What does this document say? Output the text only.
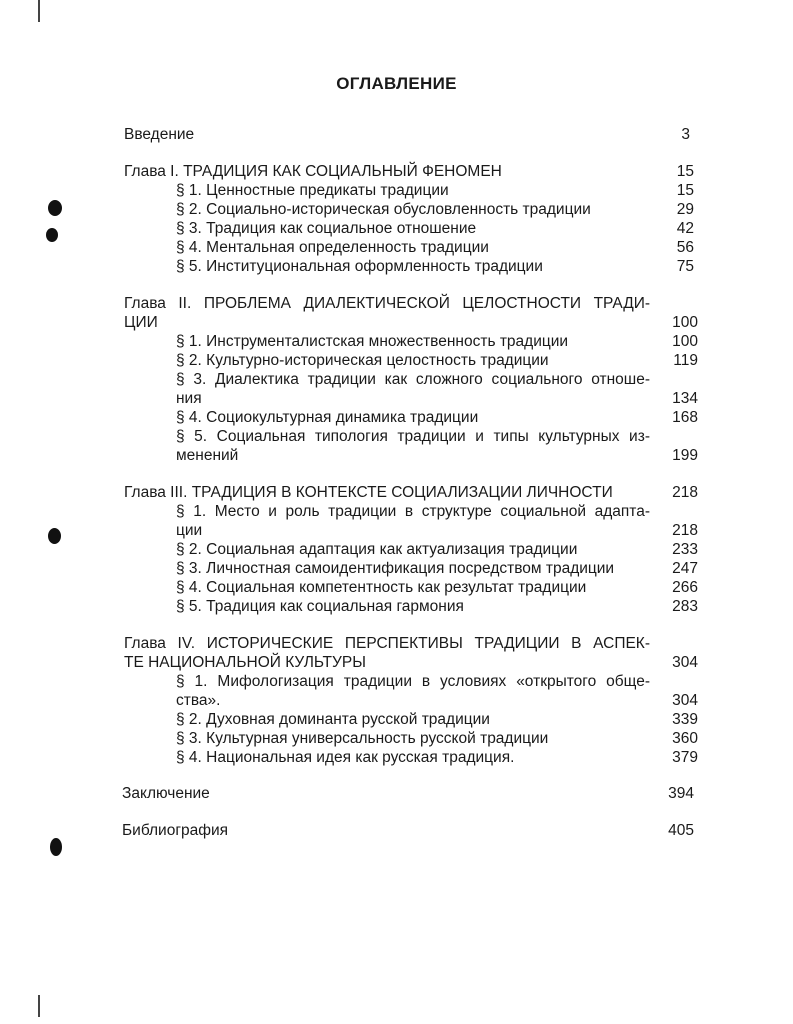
ОГЛАВЛЕНИЕ
Введение	3
Глава I. ТРАДИЦИЯ КАК СОЦИАЛЬНЫЙ ФЕНОМЕН	15
§ 1. Ценностные предикаты традиции	15
§ 2. Социально-историческая обусловленность традиции	29
§ 3. Традиция как социальное отношение	42
§ 4. Ментальная определенность традиции	56
§ 5. Институциональная оформленность традиции	75
Глава II. ПРОБЛЕМА ДИАЛЕКТИЧЕСКОЙ ЦЕЛОСТНОСТИ ТРАДИ-
ЦИИ	100
§ 1. Инструменталистская множественность традиции	100
§ 2. Культурно-историческая целостность традиции	119
§ 3. Диалектика традиции как сложного социального отноше-
ния	134
§ 4. Социокультурная динамика традиции	168
§ 5. Социальная типология традиции и типы культурных из-
менений	199
Глава III. ТРАДИЦИЯ В КОНТЕКСТЕ СОЦИАЛИЗАЦИИ ЛИЧНОСТИ	218
§ 1. Место и роль традиции в структуре социальной адапта-
ции	218
§ 2. Социальная адаптация как актуализация традиции	233
§ 3. Личностная самоидентификация посредством традиции	247
§ 4. Социальная компетентность как результат традиции	266
§ 5. Традиция как социальная гармония	283
Глава IV. ИСТОРИЧЕСКИЕ ПЕРСПЕКТИВЫ ТРАДИЦИИ В АСПЕК-
ТЕ НАЦИОНАЛЬНОЙ КУЛЬТУРЫ	304
§ 1. Мифологизация традиции в условиях «открытого обще-
ства».	304
§ 2. Духовная доминанта русской традиции	339
§ 3. Культурная универсальность русской традиции	360
§ 4. Национальная идея как русская традиция.	379
Заключение	394
Библиография	405
